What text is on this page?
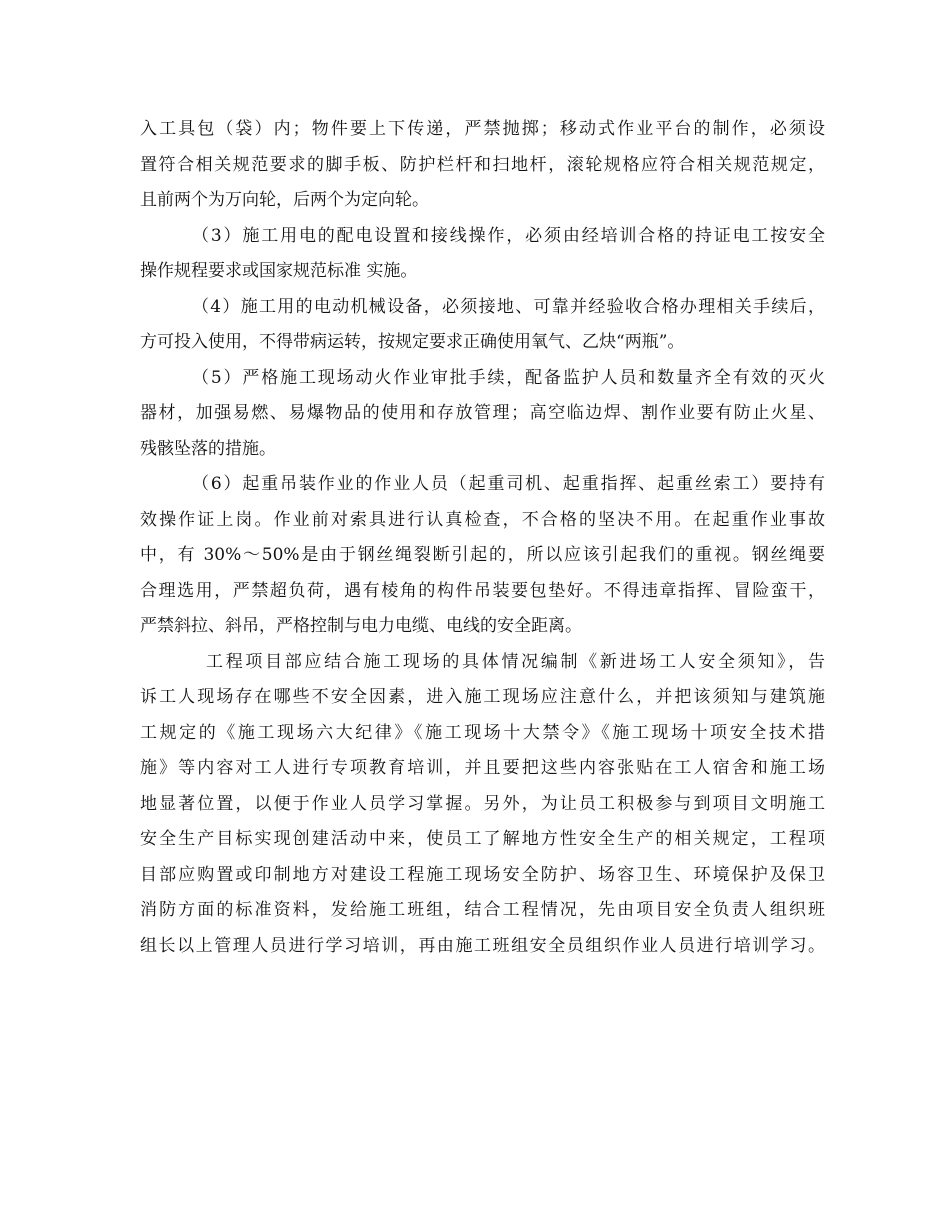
入工具包（袋）内；物件要上下传递，严禁抛掷；移动式作业平台的制作，必须设
置符合相关规范要求的脚手板、防护栏杆和扫地杆，滚轮规格应符合相关规范规定，
且前两个为万向轮，后两个为定向轮。
（3）施工用电的配电设置和接线操作，必须由经培训合格的持证电工按安全
操作规程要求或国家规范标准 实施。
（4）施工用的电动机械设备，必须接地、可靠并经验收合格办理相关手续后，
方可投入使用，不得带病运转，按规定要求正确使用氧气、乙炔“两瓶”。
（5）严格施工现场动火作业审批手续，配备监护人员和数量齐全有效的灭火
器材，加强易燃、易爆物品的使用和存放管理；高空临边焊、割作业要有防止火星、
残骸坠落的措施。
（6）起重吊装作业的作业人员（起重司机、起重指挥、起重丝索工）要持有
效操作证上岗。作业前对索具进行认真检查，不合格的坚决不用。在起重作业事故
中，有 30%～50%是由于钢丝绳裂断引起的，所以应该引起我们的重视。钢丝绳要
合理选用，严禁超负荷，遇有棱角的构件吊装要包垫好。不得违章指挥、冒险蛮干，
严禁斜拉、斜吊，严格控制与电力电缆、电线的安全距离。
工程项目部应结合施工现场的具体情况编制《新进场工人安全须知》，告
诉工人现场存在哪些不安全因素，进入施工现场应注意什么，并把该须知与建筑施
工规定的《施工现场六大纪律》《施工现场十大禁令》《施工现场十项安全技术措
施》等内容对工人进行专项教育培训，并且要把这些内容张贴在工人宿舍和施工场
地显著位置，以便于作业人员学习掌握。另外，为让员工积极参与到项目文明施工
安全生产目标实现创建活动中来，使员工了解地方性安全生产的相关规定，工程项
目部应购置或印制地方对建设工程施工现场安全防护、场容卫生、环境保护及保卫
消防方面的标准资料，发给施工班组，结合工程情况，先由项目安全负责人组织班
组长以上管理人员进行学习培训，再由施工班组安全员组织作业人员进行培训学习。
